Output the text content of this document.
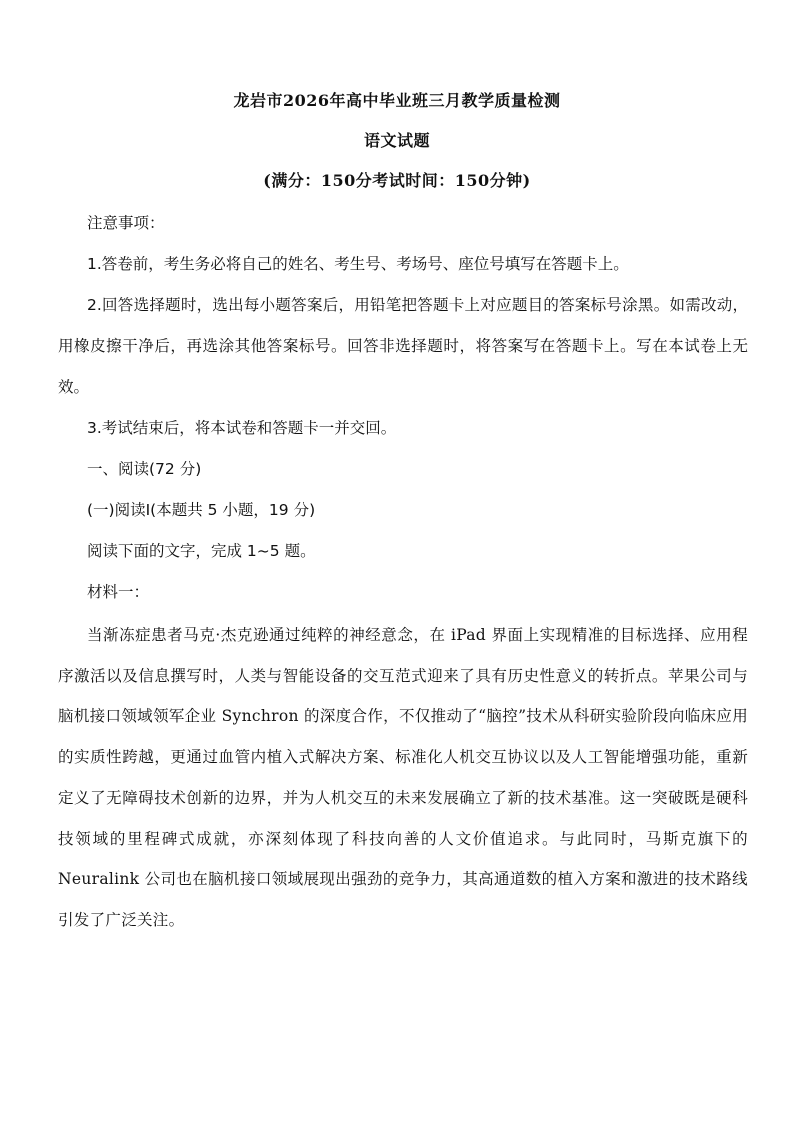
龙岩市2026年高中毕业班三月教学质量检测
语文试题
(满分：150分考试时间：150分钟)
注意事项：
1.答卷前，考生务必将自己的姓名、考生号、考场号、座位号填写在答题卡上。
2.回答选择题时，选出每小题答案后，用铅笔把答题卡上对应题目的答案标号涂黑。如需改动，用橡皮擦干净后，再选涂其他答案标号。回答非选择题时，将答案写在答题卡上。写在本试卷上无效。
3.考试结束后，将本试卷和答题卡一并交回。
一、阅读(72 分)
(一)阅读Ⅰ(本题共 5 小题，19 分)
阅读下面的文字，完成 1~5 题。
材料一：
当渐冻症患者马克·杰克逊通过纯粹的神经意念，在 iPad 界面上实现精准的目标选择、应用程序激活以及信息撰写时，人类与智能设备的交互范式迎来了具有历史性意义的转折点。苹果公司与脑机接口领域领军企业 Synchron 的深度合作，不仅推动了“脑控”技术从科研实验阶段向临床应用的实质性跨越，更通过血管内植入式解决方案、标准化人机交互协议以及人工智能增强功能，重新定义了无障碍技术创新的边界，并为人机交互的未来发展确立了新的技术基准。这一突破既是硬科技领域的里程碑式成就，亦深刻体现了科技向善的人文价值追求。与此同时，马斯克旗下的 Neuralink 公司也在脑机接口领域展现出强劲的竞争力，其高通道数的植入方案和激进的技术路线引发了广泛关注。
